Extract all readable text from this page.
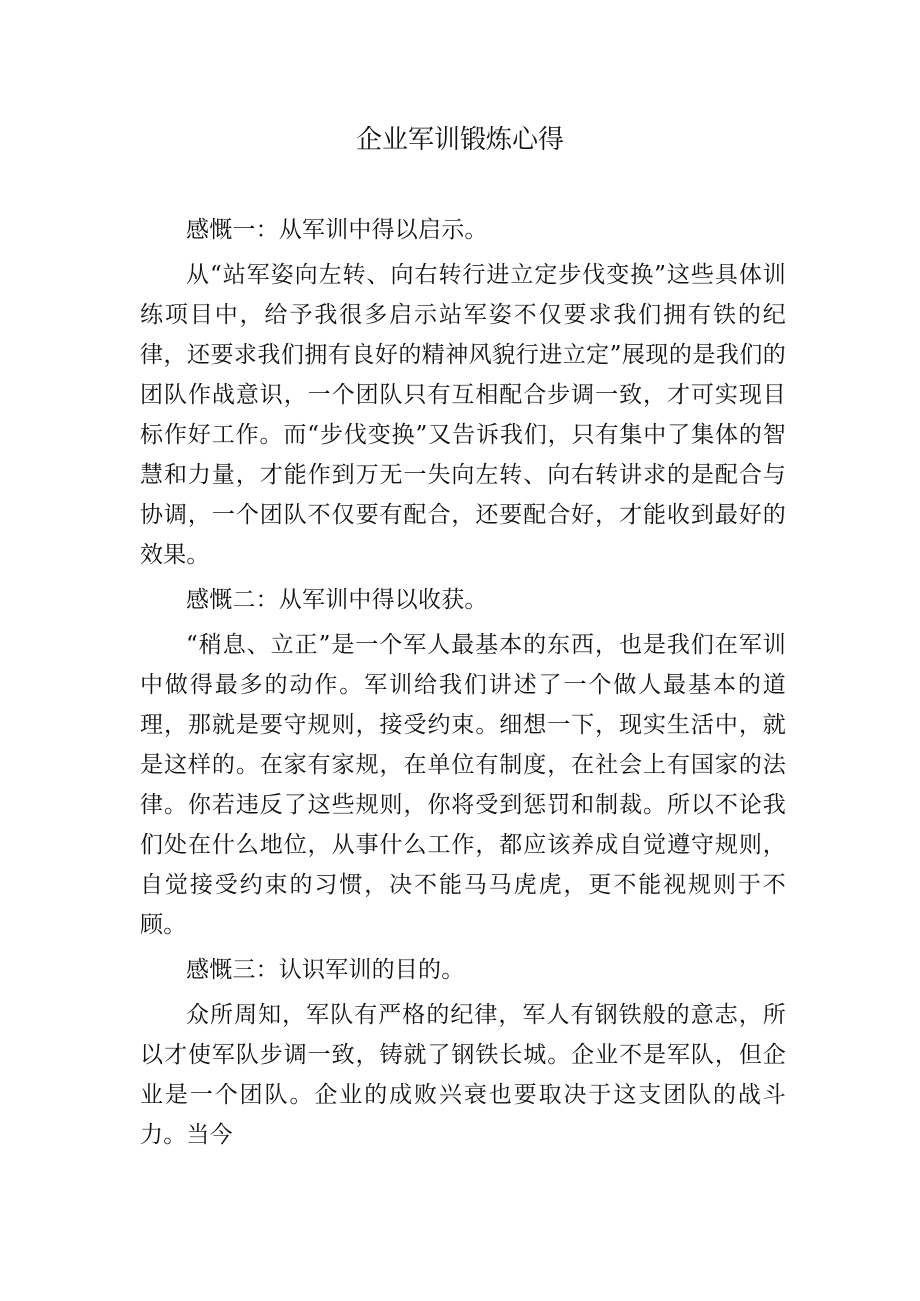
企业军训锻炼心得

感慨一：从军训中得以启示。

从“站军姿向左转、向右转行进立定步伐变换”这些具体训练项目中，给予我很多启示站军姿不仅要求我们拥有铁的纪律，还要求我们拥有良好的精神风貌行进立定”展现的是我们的团队作战意识，一个团队只有互相配合步调一致，才可实现目标作好工作。而“步伐变换”又告诉我们，只有集中了集体的智慧和力量，才能作到万无一失向左转、向右转讲求的是配合与协调，一个团队不仅要有配合，还要配合好，才能收到最好的效果。

感慨二：从军训中得以收获。

“稍息、立正”是一个军人最基本的东西，也是我们在军训中做得最多的动作。军训给我们讲述了一个做人最基本的道理，那就是要守规则，接受约束。细想一下，现实生活中，就是这样的。在家有家规，在单位有制度，在社会上有国家的法律。你若违反了这些规则，你将受到惩罚和制裁。所以不论我们处在什么地位，从事什么工作，都应该养成自觉遵守规则，自觉接受约束的习惯，决不能马马虎虎，更不能视规则于不顾。

感慨三：认识军训的目的。

众所周知，军队有严格的纪律，军人有钢铁般的意志，所以才使军队步调一致，铸就了钢铁长城。企业不是军队，但企业是一个团队。企业的成败兴衰也要取决于这支团队的战斗力。当今
